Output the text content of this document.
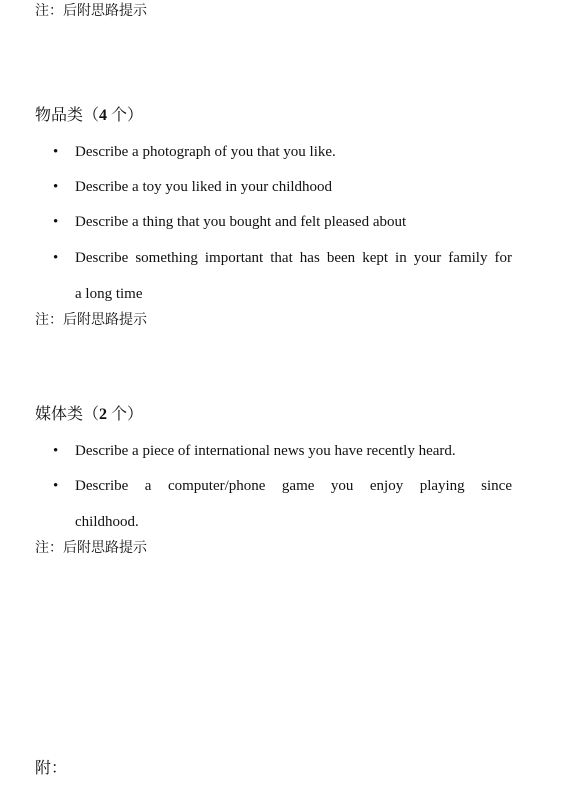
注：后附思路提示
物品类（4 个）
• Describe a photograph of you that you like.
• Describe a toy you liked in your childhood
• Describe a thing that you bought and felt pleased about
• Describe something important that has been kept in your family for
a long time
注：后附思路提示
媒体类（2 个）
• Describe a piece of international news you have recently heard.
• Describe a computer/phone game you enjoy playing since
childhood.
注：后附思路提示
附：
